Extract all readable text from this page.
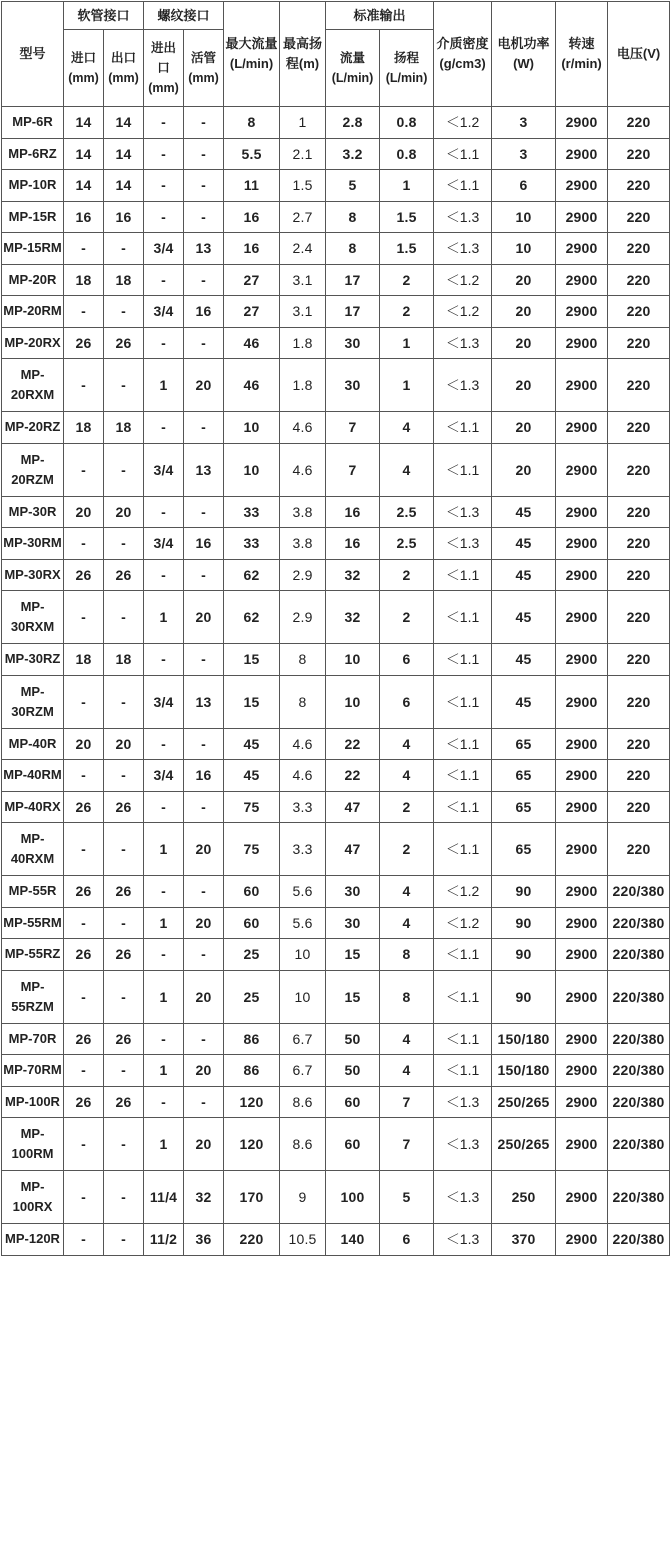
型号	软管接口		螺纹接口		最大流量(L/min)	最高扬程(m)	标准输出		介质密度(g/cm3)	电机功率(W)	转速(r/min)	电压(V)
	进口(mm)	出口(mm)	进出口(mm)	活管(mm)			流量(L/min)	扬程(L/min)				
MP-6R	14	14	-	-	8	1	2.8	0.8	＜1.2	3	2900	220
MP-6RZ	14	14	-	-	5.5	2.1	3.2	0.8	＜1.1	3	2900	220
MP-10R	14	14	-	-	11	1.5	5	1	＜1.1	6	2900	220
MP-15R	16	16	-	-	16	2.7	8	1.5	＜1.3	10	2900	220
MP-15RM	-	-	3/4	13	16	2.4	8	1.5	＜1.3	10	2900	220
MP-20R	18	18	-	-	27	3.1	17	2	＜1.2	20	2900	220
MP-20RM	-	-	3/4	16	27	3.1	17	2	＜1.2	20	2900	220
MP-20RX	26	26	-	-	46	1.8	30	1	＜1.3	20	2900	220
MP-20RXM	-	-	1	20	46	1.8	30	1	＜1.3	20	2900	220
MP-20RZ	18	18	-	-	10	4.6	7	4	＜1.1	20	2900	220
MP-20RZM	-	-	3/4	13	10	4.6	7	4	＜1.1	20	2900	220
MP-30R	20	20	-	-	33	3.8	16	2.5	＜1.3	45	2900	220
MP-30RM	-	-	3/4	16	33	3.8	16	2.5	＜1.3	45	2900	220
MP-30RX	26	26	-	-	62	2.9	32	2	＜1.1	45	2900	220
MP-30RXM	-	-	1	20	62	2.9	32	2	＜1.1	45	2900	220
MP-30RZ	18	18	-	-	15	8	10	6	＜1.1	45	2900	220
MP-30RZM	-	-	3/4	13	15	8	10	6	＜1.1	45	2900	220
MP-40R	20	20	-	-	45	4.6	22	4	＜1.1	65	2900	220
MP-40RM	-	-	3/4	16	45	4.6	22	4	＜1.1	65	2900	220
MP-40RX	26	26	-	-	75	3.3	47	2	＜1.1	65	2900	220
MP-40RXM	-	-	1	20	75	3.3	47	2	＜1.1	65	2900	220
MP-55R	26	26	-	-	60	5.6	30	4	＜1.2	90	2900	220/380
MP-55RM	-	-	1	20	60	5.6	30	4	＜1.2	90	2900	220/380
MP-55RZ	26	26	-	-	25	10	15	8	＜1.1	90	2900	220/380
MP-55RZM	-	-	1	20	25	10	15	8	＜1.1	90	2900	220/380
MP-70R	26	26	-	-	86	6.7	50	4	＜1.1	150/180	2900	220/380
MP-70RM	-	-	1	20	86	6.7	50	4	＜1.1	150/180	2900	220/380
MP-100R	26	26	-	-	120	8.6	60	7	＜1.3	250/265	2900	220/380
MP-100RM	-	-	1	20	120	8.6	60	7	＜1.3	250/265	2900	220/380
MP-100RX	-	-	11/4	32	170	9	100	5	＜1.3	250	2900	220/380
MP-120R	-	-	11/2	36	220	10.5	140	6	＜1.3	370	2900	220/380
